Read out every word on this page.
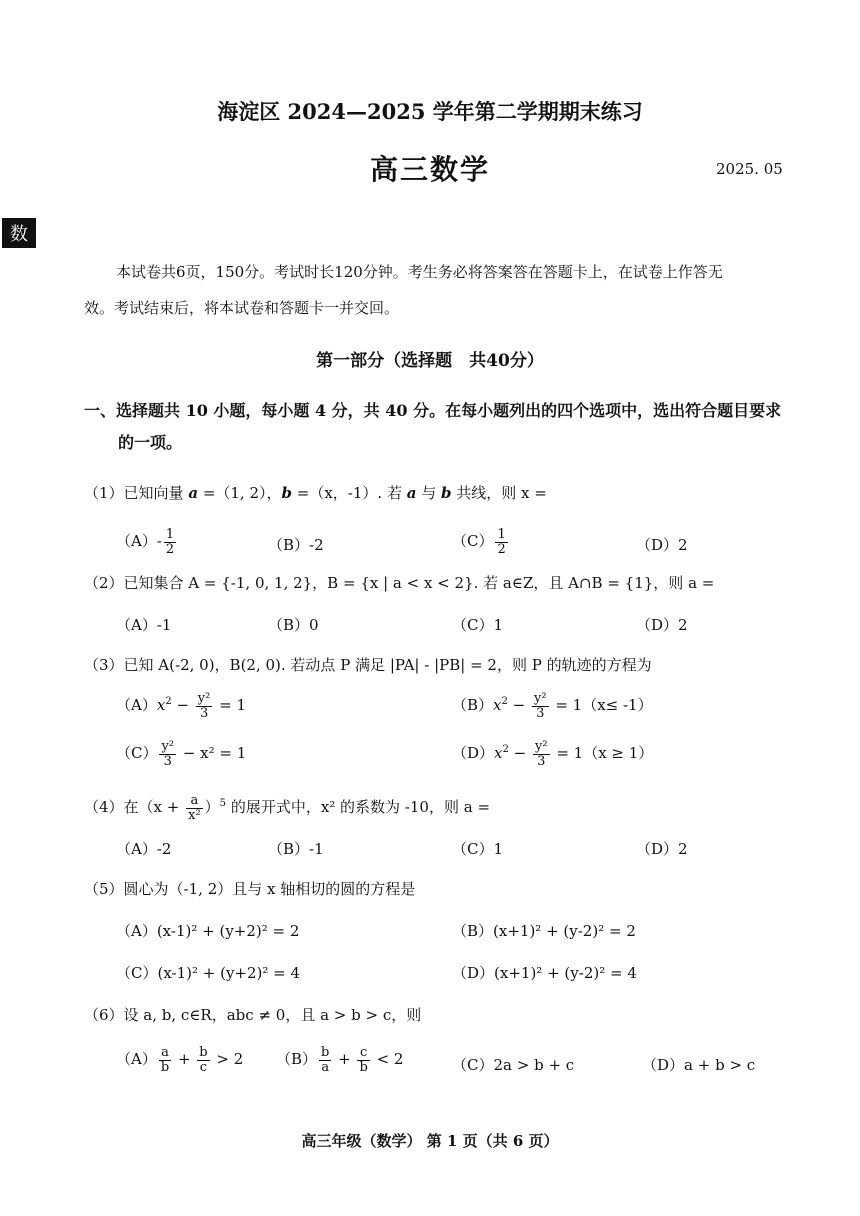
海淀区 2024—2025 学年第二学期期末练习
高三数学	2025. 05
数
本试卷共6页，150分。考试时长120分钟。考生务必将答案答在答题卡上，在试卷上作答无
效。考试结束后，将本试卷和答题卡一并交回。
第一部分（选择题　共40分）
一、选择题共 10 小题，每小题 4 分，共 40 分。在每小题列出的四个选项中，选出符合题目要求
的一项。
（1）已知向量 a =（1, 2），b =（x，-1）. 若 a 与 b 共线，则 x =
$(A)- \frac{1}{2}$	（B）-2	$(C) \frac{1}{2}$	（D）2
（2）已知集合 A = {-1, 0, 1, 2}，B = {x | a < x < 2}. 若 a∈Z，且 A∩B = {1}，则 a =
（A）-1	（B）0	（C）1	（D）2
（3）已知 A(-2, 0)，B(2, 0). 若动点 P 满足 |PA| - |PB| = 2，则 P 的轨迹的方程为
$(A)x^2 - \frac{\text{y²}}{3} = 1$	$(B)x^2 - \frac{\text{y²}}{3} = 1(x\le -1)$
$(C) \frac{\text{y²}}{3} - x^2 = 1$	$(D)x^2 - \frac{\text{y²}}{3} = 1(x \ge 1)$
（4）在$(x + \frac{a}{\text{x²}} )^5$ 的展开式中，x² 的系数为 -10，则 a =
（A）-2	（B）-1	（C）1	（D）2
（5）圆心为（-1, 2）且与 x 轴相切的圆的方程是
（A）(x-1)² + (y+2)² = 2	（B）(x+1)² + (y-2)² = 2
（C）(x-1)² + (y+2)² = 4	（D）(x+1)² + (y-2)² = 4
（6）设 a, b, c∈R，abc ≠ 0，且 a > b > c，则
$(A) \frac{a}{b} + \frac{b}{c} > 2$ $(B) \frac{b}{a} + \frac{c}{b} < 2$	（C）2a > b + c	（D）a + b > c
高三年级（数学） 第 1 页（共 6 页）
